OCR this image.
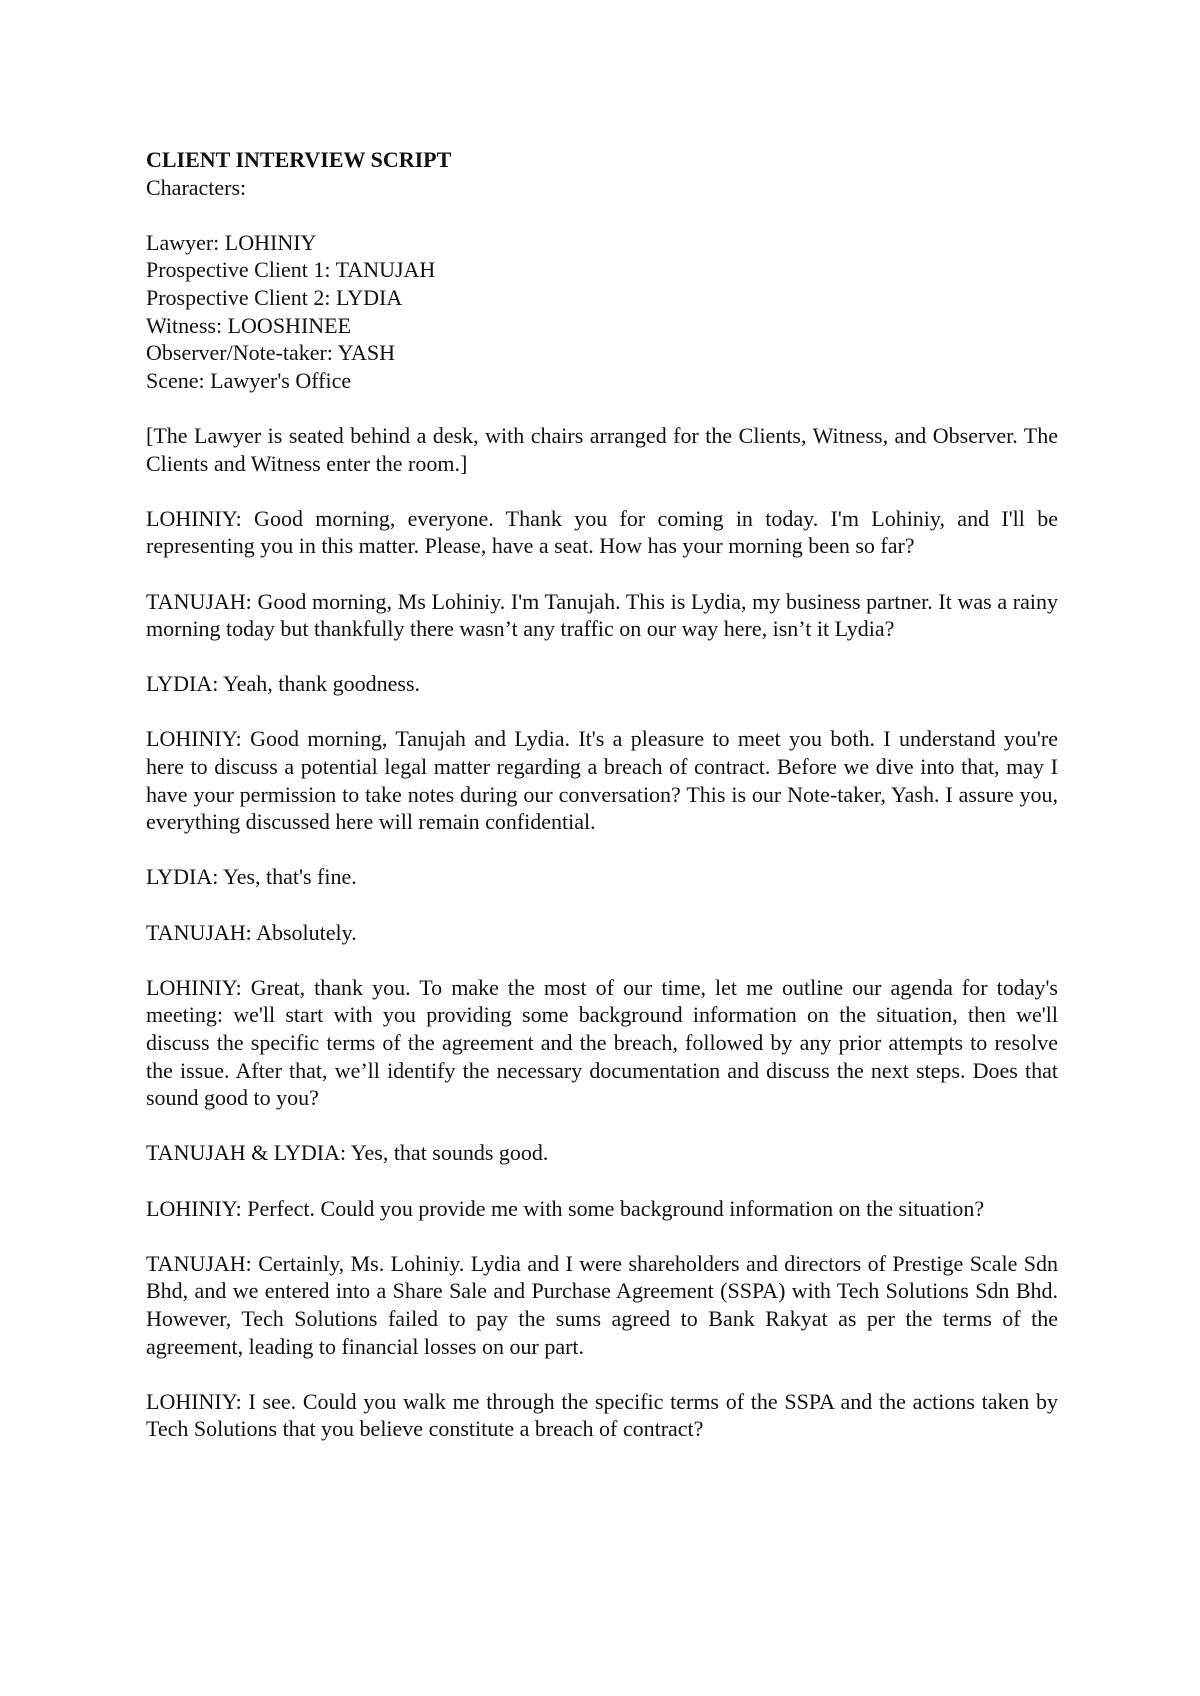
CLIENT INTERVIEW SCRIPT

Characters:

Lawyer: LOHINIY

Prospective Client 1: TANUJAH

Prospective Client 2: LYDIA

Witness: LOOSHINEE

Observer/Note-taker: YASH

Scene: Lawyer's Office

[The Lawyer is seated behind a desk, with chairs arranged for the Clients, Witness, and Observer. The Clients and Witness enter the room.]

LOHINIY: Good morning, everyone. Thank you for coming in today. I'm Lohiniy, and I'll be representing you in this matter. Please, have a seat. How has your morning been so far?

TANUJAH: Good morning, Ms Lohiniy. I'm Tanujah. This is Lydia, my business partner. It was a rainy morning today but thankfully there wasn’t any traffic on our way here, isn’t it Lydia?

LYDIA: Yeah, thank goodness.

LOHINIY: Good morning, Tanujah and Lydia. It's a pleasure to meet you both. I understand you're here to discuss a potential legal matter regarding a breach of contract. Before we dive into that, may I have your permission to take notes during our conversation? This is our Note-taker, Yash. I assure you, everything discussed here will remain confidential.

LYDIA: Yes, that's fine.

TANUJAH: Absolutely.

LOHINIY: Great, thank you. To make the most of our time, let me outline our agenda for today's meeting: we'll start with you providing some background information on the situation, then we'll discuss the specific terms of the agreement and the breach, followed by any prior attempts to resolve the issue. After that, we’ll identify the necessary documentation and discuss the next steps. Does that sound good to you?

TANUJAH & LYDIA: Yes, that sounds good.

LOHINIY: Perfect. Could you provide me with some background information on the situation?

TANUJAH: Certainly, Ms. Lohiniy. Lydia and I were shareholders and directors of Prestige Scale Sdn Bhd, and we entered into a Share Sale and Purchase Agreement (SSPA) with Tech Solutions Sdn Bhd. However, Tech Solutions failed to pay the sums agreed to Bank Rakyat as per the terms of the agreement, leading to financial losses on our part.

LOHINIY: I see. Could you walk me through the specific terms of the SSPA and the actions taken by Tech Solutions that you believe constitute a breach of contract?
